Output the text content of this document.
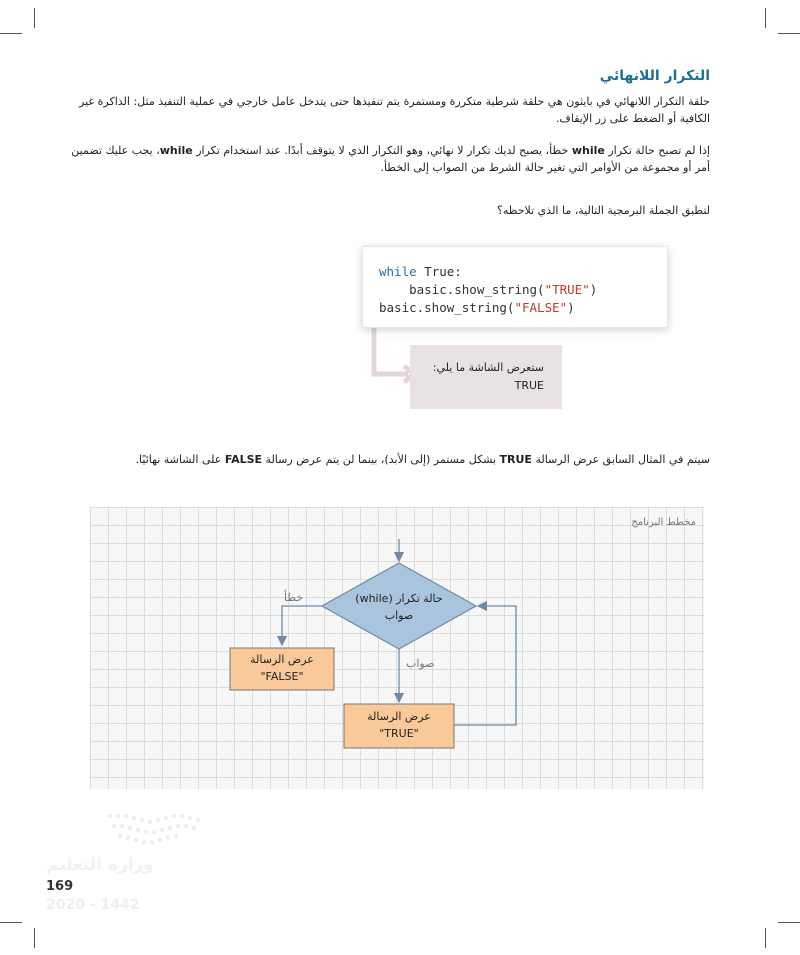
التكرار اللانهائي
حلقة التكرار اللانهائي في بايثون هي حلقة شرطية متكررة ومستمرة يتم تنفيذها حتى يتدخل عامل خارجي في عملية التنفيذ مثل: الذاكرة غير الكافية أو الضغط على زر الإيقاف.
إذا لم تصبح حالة تكرار while خطأ، يصبح لديك تكرار لا نهائي، وهو التكرار الذي لا يتوقف أبدًا. عند استخدام تكرار while، يجب عليك تضمين أمر أو مجموعة من الأوامر التي تغير حالة الشرط من الصواب إلى الخطأ.
لتطبق الجملة البرمجية التالية، ما الذي تلاحظه؟
while True:
basic.show_string("TRUE")
basic.show_string("FALSE")
ستعرض الشاشة ما يلي:
TRUE
سيتم في المثال السابق عرض الرسالة TRUE بشكل مستمر (إلى الأبد)، بينما لن يتم عرض رسالة FALSE على الشاشة نهائيًا.
مخطط البرنامج
حالة تكرار (while)
صواب
خطأ
صواب
عرض الرسالة
"FALSE"
عرض الرسالة
"TRUE"
وزارة التعليم
169
2020 - 1442
